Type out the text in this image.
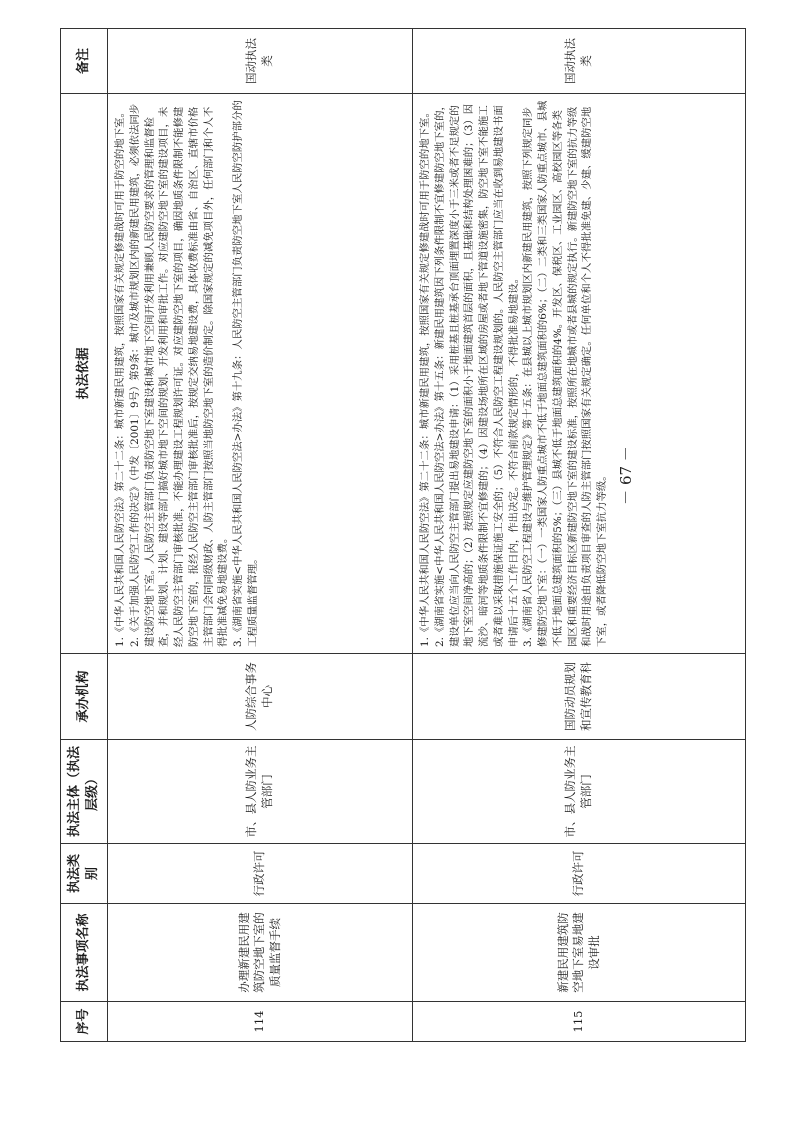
序号	执法事项名称	执法类别	执法主体（执法层级）	承办机构	执法依据	备注
114	办理新建民用建筑防空地下室的质量监督手续	行政许可	市、县人防业务主管部门	人防综合事务中心	1.《中华人民共和国人民防空法》第二十二条：城市新建民用建筑，按照国家有关规定修建战时可用于防空的地下室。 2.《关于加强人民防空工作的决定》（中发〔2001〕9号）第9条：城市及城市规划区内的新建民用建筑，必须依法同步建设防空地下室。人民防空主管部门负责防空地下室建设和城市地下空间开发利用兼顾人民防空要求的管理和监督检查，并和规划、计划、建设等部门搞好城市地下空间的规划、开发利用和审批工作。对应建防空地下室的建设项目，未经人民防空主管部门审核批准，不能办理建设工程规划许可证。对应建防空地下室的项目，确因地质条件限制不能修建防空地下室的，报经人民防空主管部门审核批准后，按规定交纳易地建设费，具体收费标准由省、自治区、直辖市价格主管部门会同同级财政、人防主管部门按照当地防空地下室的造价制定。除国家规定的减免项目外，任何部门和个人不得批准减免易地建设费。 3.《湖南省实施<中华人民共和国人民防空法>办法》第十九条：人民防空主管部门负责防空地下室人民防空防护部分的工程质量监督管理。	国动执法类
115	新建民用建筑防空地下室易地建设审批	行政许可	市、县人防业务主管部门	国防动员规划和宣传教育科	1.《中华人民共和国人民防空法》第二十二条：城市新建民用建筑，按照国家有关规定修建战时可用于防空的地下室。 2.《湖南省实施<中华人民共和国人民防空法>办法》第十五条：新建民用建筑因下列条件限制不宜修建防空地下室的，建设单位应当向人民防空主管部门提出易地建设申请：（1）采用桩基且桩基承台顶面埋置深度小于三米或者不足规定的地下室空间净高的；（2）按照规定应建防空地下室的面积小于地面建筑首层的面积，且基础和结构处理困难的；（3）因流沙、暗河等地质条件限制不宜修建的；（4）因建设场地所在区域的房屋或者地下管道设施密集，防空地下室不能施工或者难以采取措施保证施工安全的；（5）不符合人民防空工程建设规划的。人民防空主管部门应当在收到易地建设书面申请后十五个工作日内，作出决定。不符合前款规定情形的，不得批准易地建设。 3.《湖南省人民防空工程建设与维护管理规定》第十五条：在县城以上城市规划区内新建民用建筑，按照下列规定同步修建防空地下室：（一）一类国家人防重点城市不低于地面总建筑面积的6%；（二）二类和三类国家人防重点城市、县城不低于地面总建筑面积的5%；（三）县城不低于地面总建筑面积的4%。开发区、保税区、工业园区、高校园区等各类园区和重要经济目标区新建防空地下室的建设标准，按照所在地城市或者县城的规定执行。新建防空地下室的抗力等级和战时用途由负责项目审查的人防主管部门按照国家有关规定确定。任何单位和个人不得批准免建、少建、缓建防空地下室，或者降低防空地下室抗力等级。	国动执法类
－ 67 －
